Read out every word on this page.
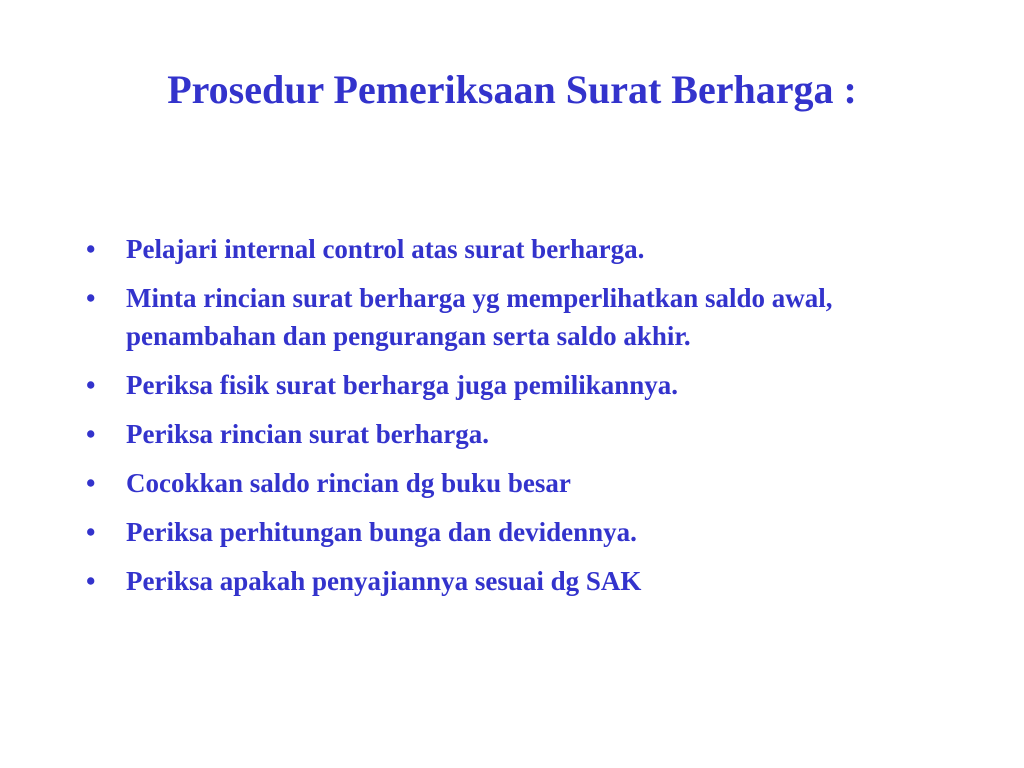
Prosedur Pemeriksaan Surat Berharga :
•	Pelajari internal control atas surat berharga.
•	Minta rincian surat berharga yg memperlihatkan saldo awal, penambahan dan pengurangan serta saldo akhir.
•	Periksa fisik surat berharga juga pemilikannya.
•	Periksa rincian surat berharga.
•	Cocokkan saldo rincian dg buku besar
•	Periksa perhitungan bunga dan devidennya.
•	Periksa apakah penyajiannya sesuai dg SAK
